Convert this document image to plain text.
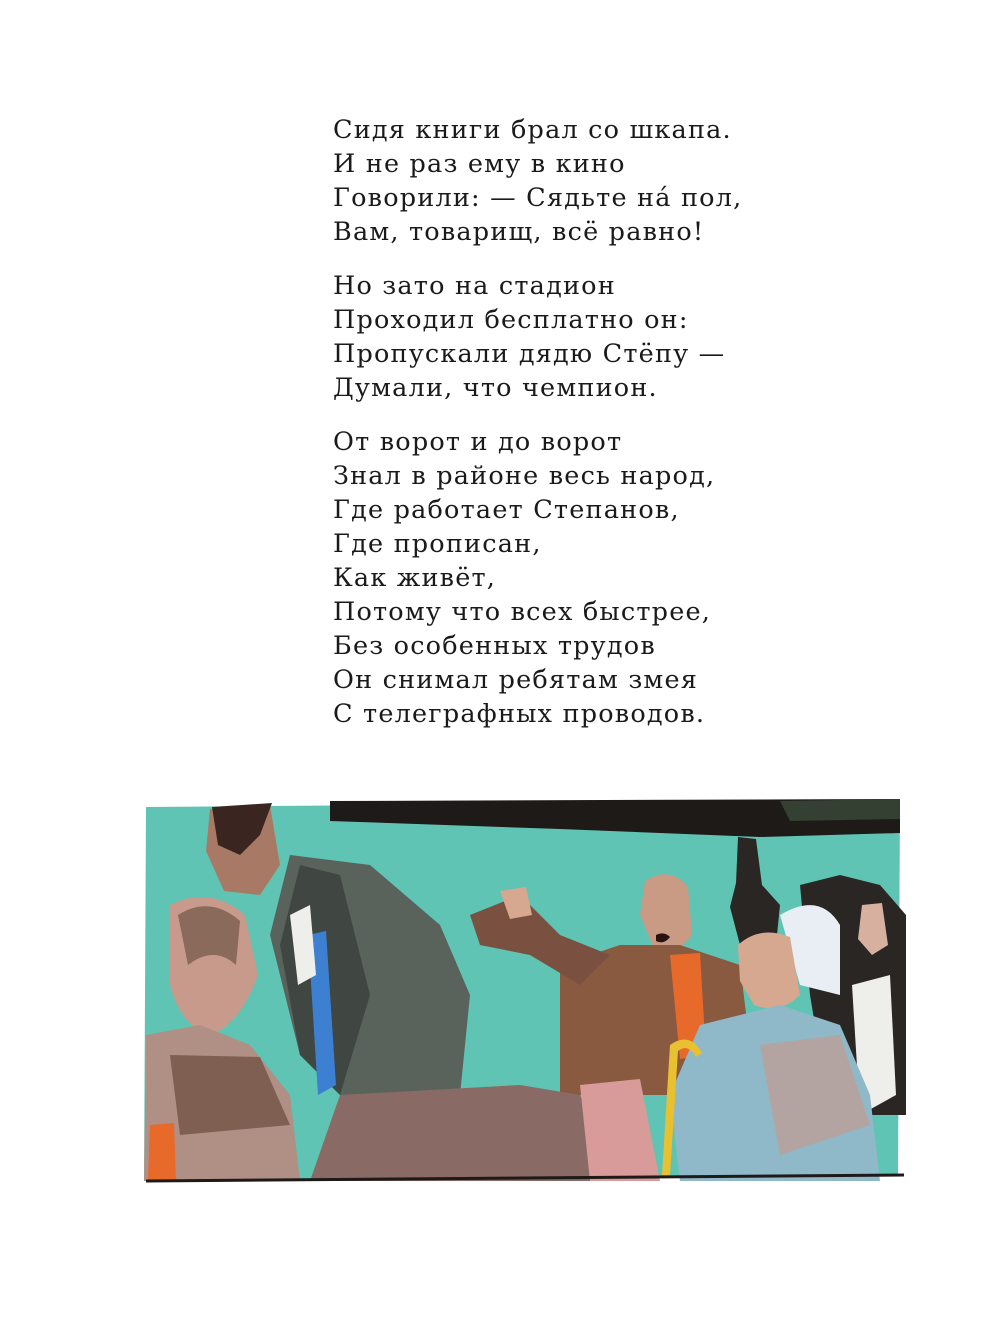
Сидя книги брал со шкапа.
И не раз ему в кино
Говорили: — Сядьте на́ пол,
Вам, товарищ, всё равно!
Но зато на стадион
Проходил бесплатно он:
Пропускали дядю Стёпу —
Думали, что чемпион.
От ворот и до ворот
Знал в районе весь народ,
Где работает Степанов,
Где прописан,
Как живёт,
Потому что всех быстрее,
Без особенных трудов
Он снимал ребятам змея
С телеграфных проводов.
